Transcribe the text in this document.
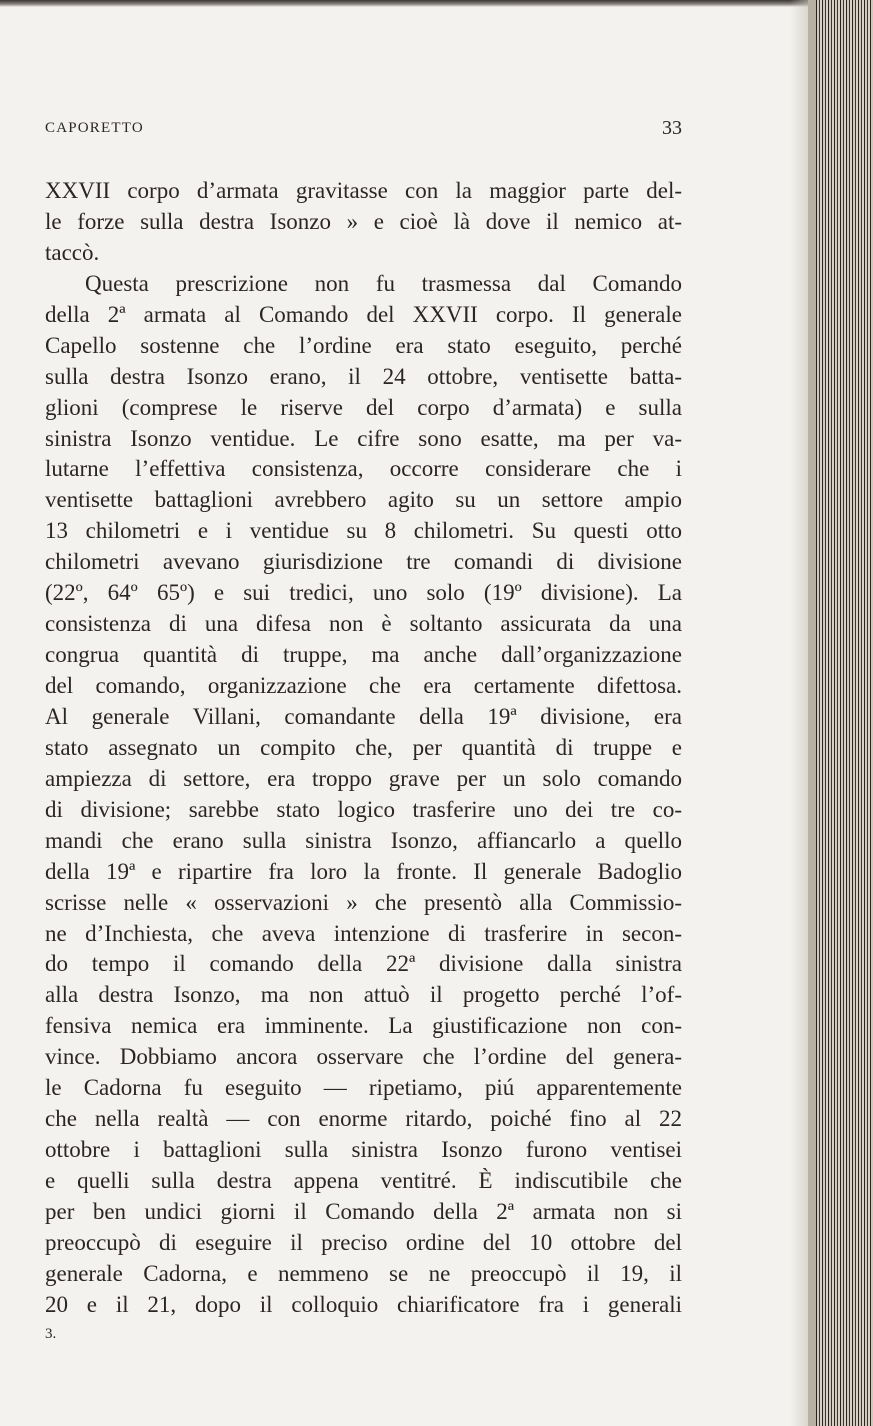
CAPORETTO	33
XXVII corpo d’armata gravitasse con la maggior parte del-
le forze sulla destra Isonzo » e cioè là dove il nemico at-
taccò.
Questa prescrizione non fu trasmessa dal Comando
della 2ª armata al Comando del XXVII corpo. Il generale
Capello sostenne che l’ordine era stato eseguito, perché
sulla destra Isonzo erano, il 24 ottobre, ventisette batta-
glioni (comprese le riserve del corpo d’armata) e sulla
sinistra Isonzo ventidue. Le cifre sono esatte, ma per va-
lutarne l’effettiva consistenza, occorre considerare che i
ventisette battaglioni avrebbero agito su un settore ampio
13 chilometri e i ventidue su 8 chilometri. Su questi otto
chilometri avevano giurisdizione tre comandi di divisione
(22º, 64º 65º) e sui tredici, uno solo (19º divisione). La
consistenza di una difesa non è soltanto assicurata da una
congrua quantità di truppe, ma anche dall’organizzazione
del comando, organizzazione che era certamente difettosa.
Al generale Villani, comandante della 19ª divisione, era
stato assegnato un compito che, per quantità di truppe e
ampiezza di settore, era troppo grave per un solo comando
di divisione; sarebbe stato logico trasferire uno dei tre co-
mandi che erano sulla sinistra Isonzo, affiancarlo a quello
della 19ª e ripartire fra loro la fronte. Il generale Badoglio
scrisse nelle « osservazioni » che presentò alla Commissio-
ne d’Inchiesta, che aveva intenzione di trasferire in secon-
do tempo il comando della 22ª divisione dalla sinistra
alla destra Isonzo, ma non attuò il progetto perché l’of-
fensiva nemica era imminente. La giustificazione non con-
vince. Dobbiamo ancora osservare che l’ordine del genera-
le Cadorna fu eseguito — ripetiamo, piú apparentemente
che nella realtà — con enorme ritardo, poiché fino al 22
ottobre i battaglioni sulla sinistra Isonzo furono ventisei
e quelli sulla destra appena ventitré. È indiscutibile che
per ben undici giorni il Comando della 2ª armata non si
preoccupò di eseguire il preciso ordine del 10 ottobre del
generale Cadorna, e nemmeno se ne preoccupò il 19, il
20 e il 21, dopo il colloquio chiarificatore fra i generali
3.
